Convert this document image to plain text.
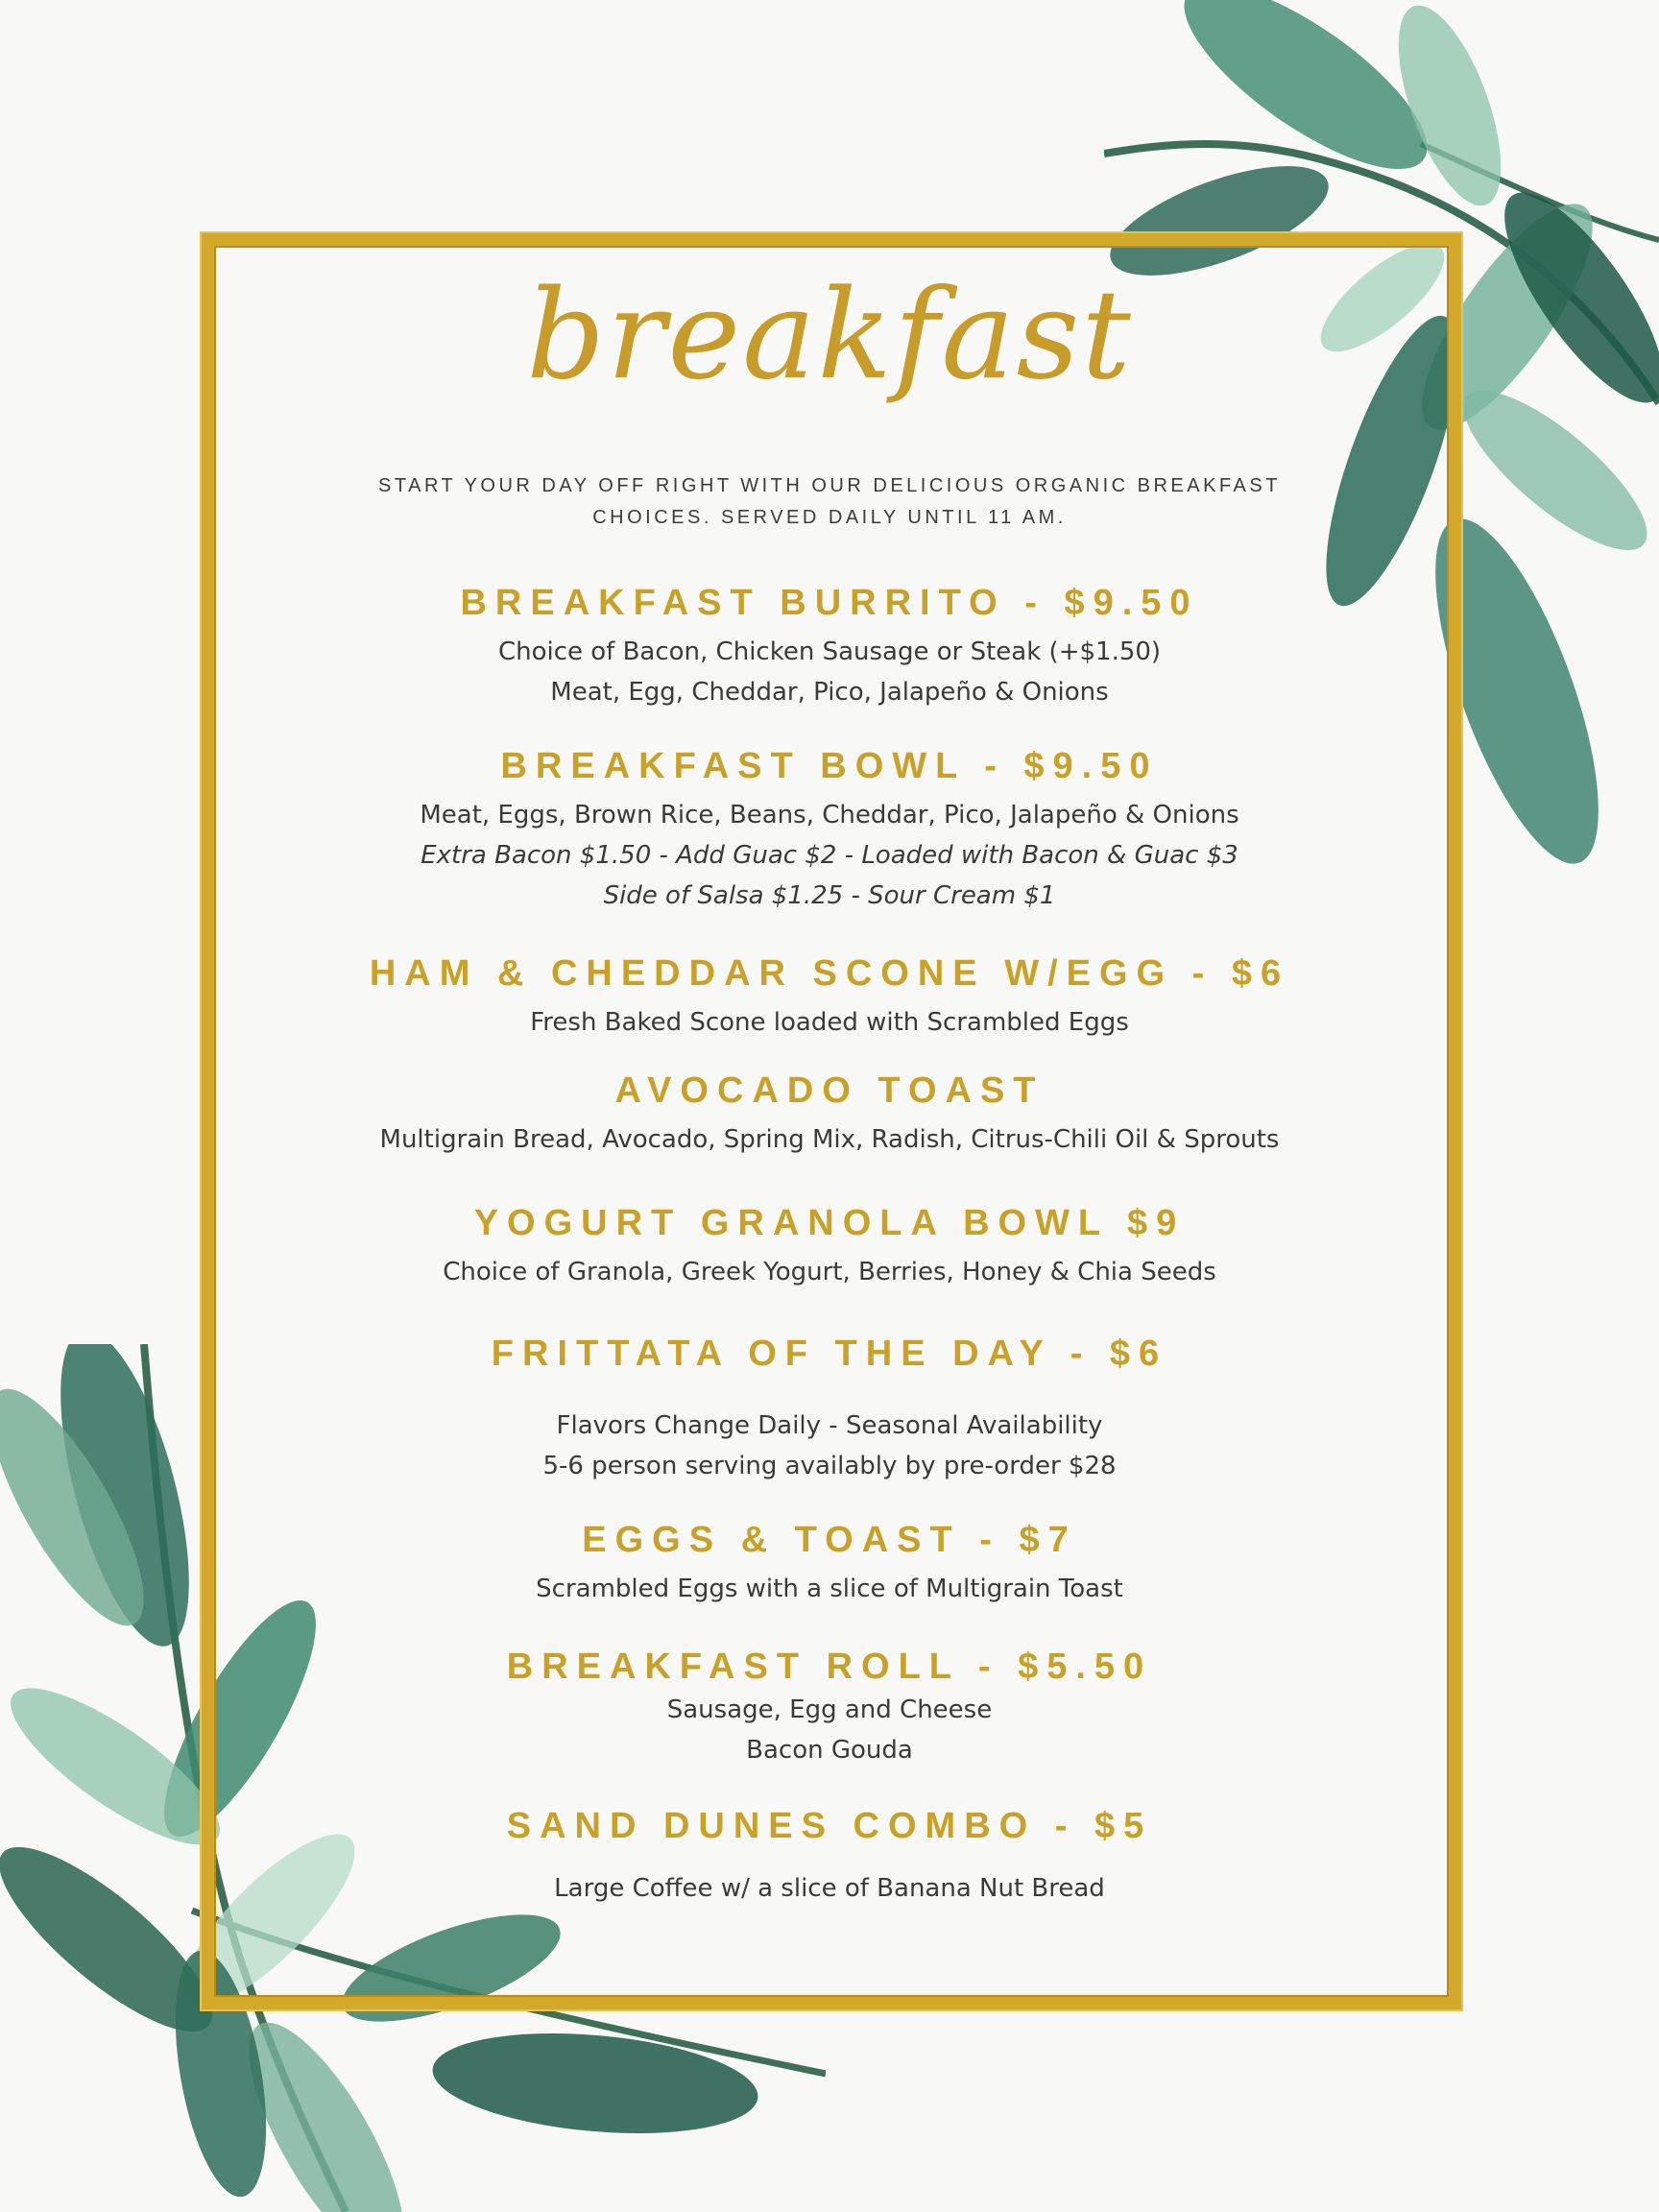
breakfast
START YOUR DAY OFF RIGHT WITH OUR DELICIOUS ORGANIC BREAKFAST
CHOICES. SERVED DAILY UNTIL 11 AM.
BREAKFAST BURRITO - $9.50
Choice of Bacon, Chicken Sausage or Steak (+$1.50)
Meat, Egg, Cheddar, Pico, Jalapeño & Onions
BREAKFAST BOWL - $9.50
Meat, Eggs, Brown Rice, Beans, Cheddar, Pico, Jalapeño & Onions
Extra Bacon $1.50 - Add Guac $2 - Loaded with Bacon & Guac $3
Side of Salsa $1.25 - Sour Cream $1
HAM & CHEDDAR SCONE W/EGG - $6
Fresh Baked Scone loaded with Scrambled Eggs
AVOCADO TOAST
Multigrain Bread, Avocado, Spring Mix, Radish, Citrus-Chili Oil & Sprouts
YOGURT GRANOLA BOWL $9
Choice of Granola, Greek Yogurt, Berries, Honey & Chia Seeds
FRITTATA OF THE DAY - $6
Flavors Change Daily - Seasonal Availability
5-6 person serving availably by pre-order $28
EGGS & TOAST - $7
Scrambled Eggs with a slice of Multigrain Toast
BREAKFAST ROLL - $5.50
Sausage, Egg and Cheese
Bacon Gouda
SAND DUNES COMBO - $5
Large Coffee w/ a slice of Banana Nut Bread
